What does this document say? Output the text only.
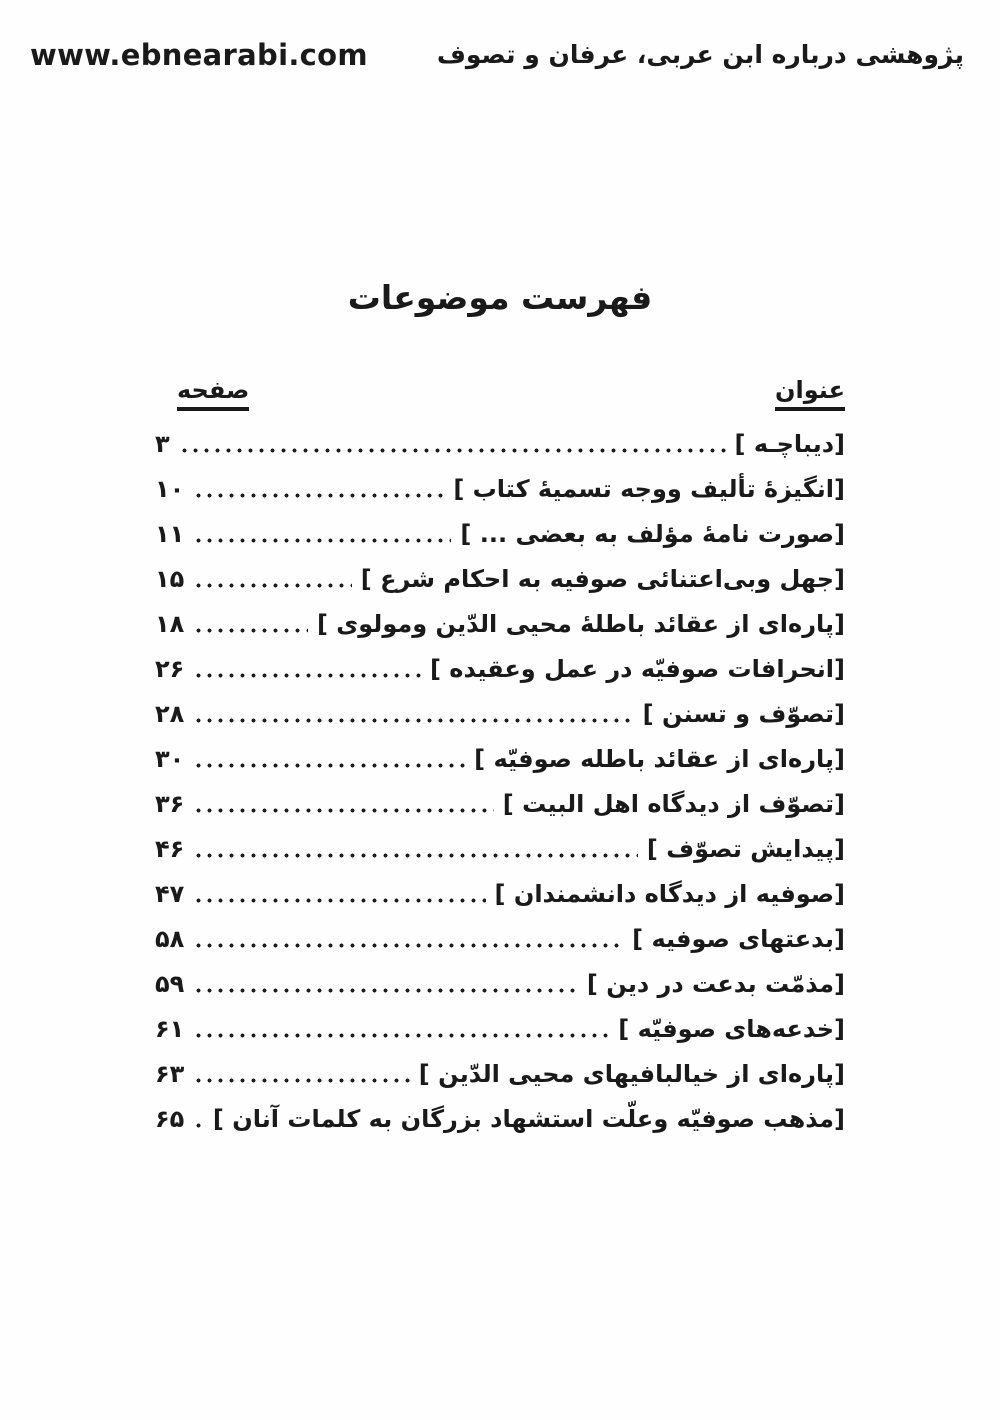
www.ebnearabi.com	پژوهشی درباره ابن عربی، عرفان و تصوف
فهرست موضوعات
عنوان
صفحه
[دیباچـه ]
۳
[انگیزهٔ تألیف ووجه تسمیهٔ کتاب ]
۱۰
[صورت نامهٔ مؤلف به بعضی ... ]
۱۱
[جهل وبی‌اعتنائی صوفیه به احکام شرع ]
۱۵
[پاره‌ای از عقائد باطلهٔ محیی الدّین ومولوی ]
۱۸
[انحرافات صوفیّه در عمل وعقیده ]
۲۶
[تصوّف و تسنن ]
۲۸
[پاره‌ای از عقائد باطله صوفیّه ]
۳۰
[تصوّف از دیدگاه اهل البیت ]
۳۶
[پیدایش تصوّف ]
۴۶
[صوفیه از دیدگاه دانشمندان ]
۴۷
[بدعتهای صوفیه ]
۵۸
[مذمّت بدعت در دین ]
۵۹
[خدعه‌های صوفیّه ]
۶۱
[پاره‌ای از خیالبافیهای محیی الدّین ]
۶۳
[مذهب صوفیّه وعلّت استشهاد بزرگان به کلمات آنان ]
۶۵
